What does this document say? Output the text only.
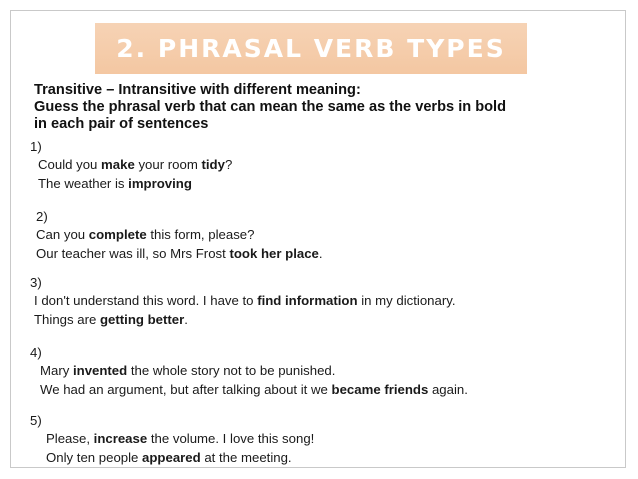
2. PHRASAL VERB TYPES
Transitive – Intransitive with different meaning:
Guess the phrasal verb that can mean the same as the verbs in bold
in each pair of sentences
1)
Could you make your room tidy?
The weather is improving
2)
Can you complete this form, please?
Our teacher was ill, so Mrs Frost took her place.
3)
I don't understand this word. I have to find information in my dictionary.
Things are getting better.
4)
Mary invented the whole story not to be punished.
We had an argument, but after talking about it we became friends again.
5)
Please, increase the volume. I love this song!
Only ten people appeared at the meeting.
